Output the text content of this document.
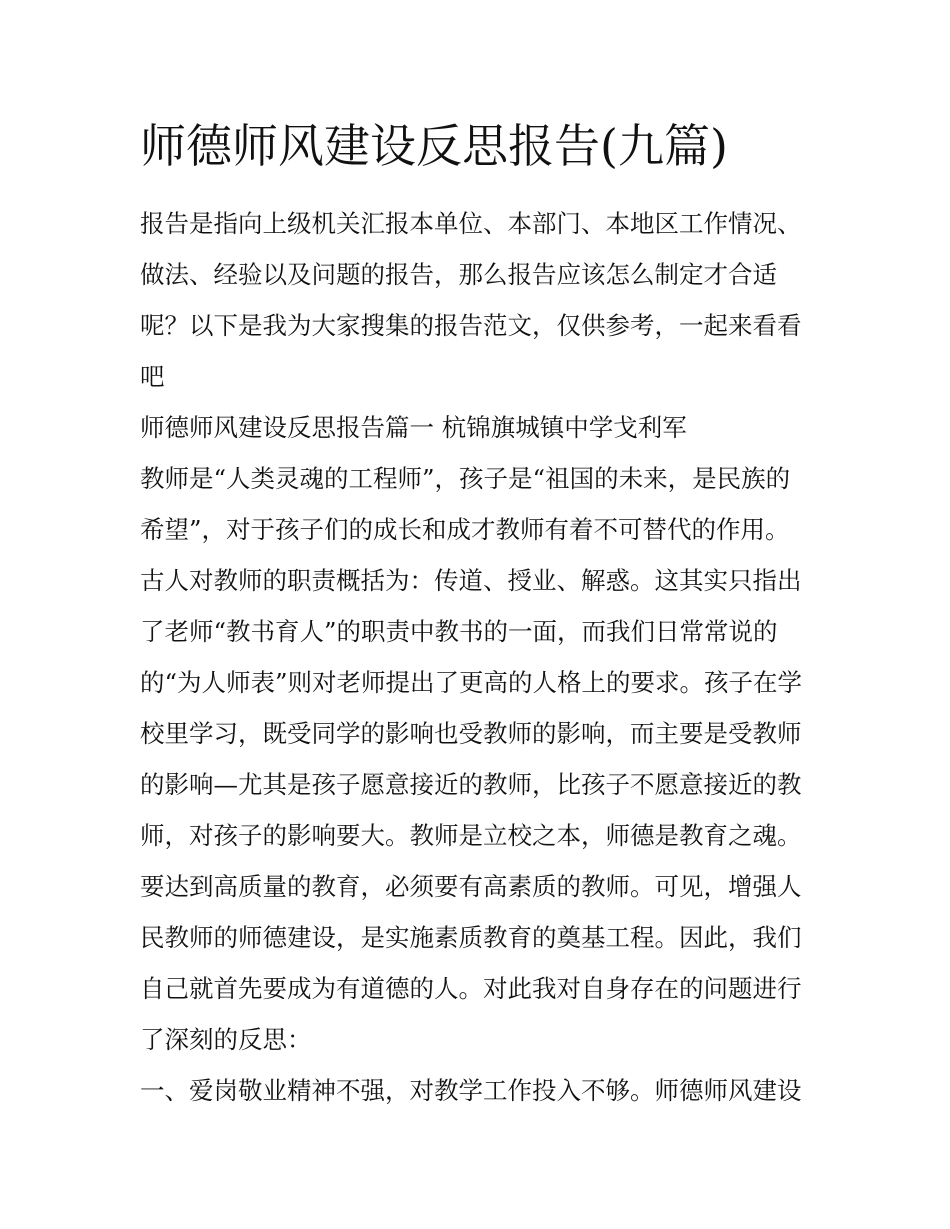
师德师风建设反思报告(九篇)

报告是指向上级机关汇报本单位、本部门、本地区工作情况、

做法、经验以及问题的报告，那么报告应该怎么制定才合适

呢？以下是我为大家搜集的报告范文，仅供参考，一起来看看

吧

师德师风建设反思报告篇一 杭锦旗城镇中学戈利军

教师是“人类灵魂的工程师”，孩子是“祖国的未来，是民族的

希望”，对于孩子们的成长和成才教师有着不可替代的作用。

古人对教师的职责概括为：传道、授业、解惑。这其实只指出

了老师“教书育人”的职责中教书的一面，而我们日常常说的

的“为人师表”则对老师提出了更高的人格上的要求。孩子在学

校里学习，既受同学的影响也受教师的影响，而主要是受教师

的影响—尤其是孩子愿意接近的教师，比孩子不愿意接近的教

师，对孩子的影响要大。教师是立校之本，师德是教育之魂。

要达到高质量的教育，必须要有高素质的教师。可见，增强人

民教师的师德建设，是实施素质教育的奠基工程。因此，我们

自己就首先要成为有道德的人。对此我对自身存在的问题进行

了深刻的反思：

一、爱岗敬业精神不强，对教学工作投入不够。师德师风建设
